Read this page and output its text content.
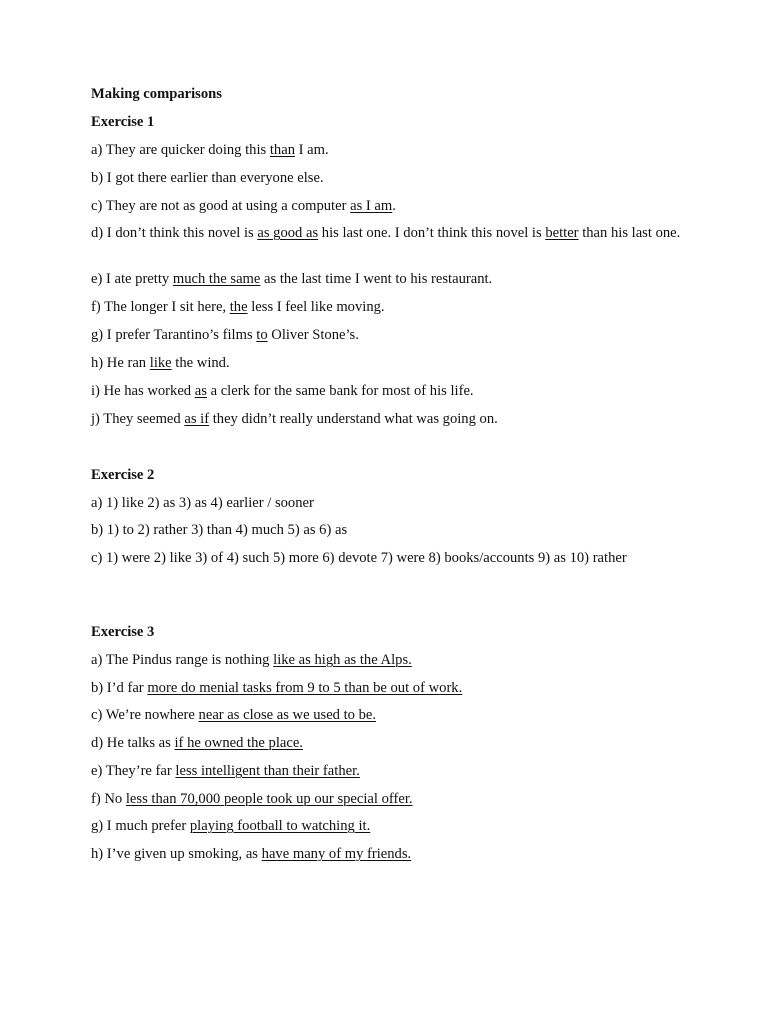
Making comparisons
Exercise 1
a) They are quicker doing this than I am.
b) I got there earlier than everyone else.
c) They are not as good at using a computer as I am.
d) I don’t think this novel is as good as his last one. I don’t think this novel is better than his last one.
e) I ate pretty much the same as the last time I went to his restaurant.
f) The longer I sit here, the less I feel like moving.
g) I prefer Tarantino’s films to Oliver Stone’s.
h) He ran like the wind.
i) He has worked as a clerk for the same bank for most of his life.
j) They seemed as if they didn’t really understand what was going on.
Exercise 2
a) 1) like 2) as 3) as 4) earlier / sooner
b) 1) to 2) rather 3) than 4) much 5) as 6) as
c) 1) were 2) like 3) of 4) such 5) more 6) devote 7) were 8) books/accounts 9) as 10) rather
Exercise 3
a) The Pindus range is nothing like as high as the Alps.
b) I’d far more do menial tasks from 9 to 5 than be out of work.
c) We’re nowhere near as close as we used to be.
d) He talks as if he owned the place.
e) They’re far less intelligent than their father.
f) No less than 70,000 people took up our special offer.
g) I much prefer playing football to watching it.
h) I’ve given up smoking, as have many of my friends.
